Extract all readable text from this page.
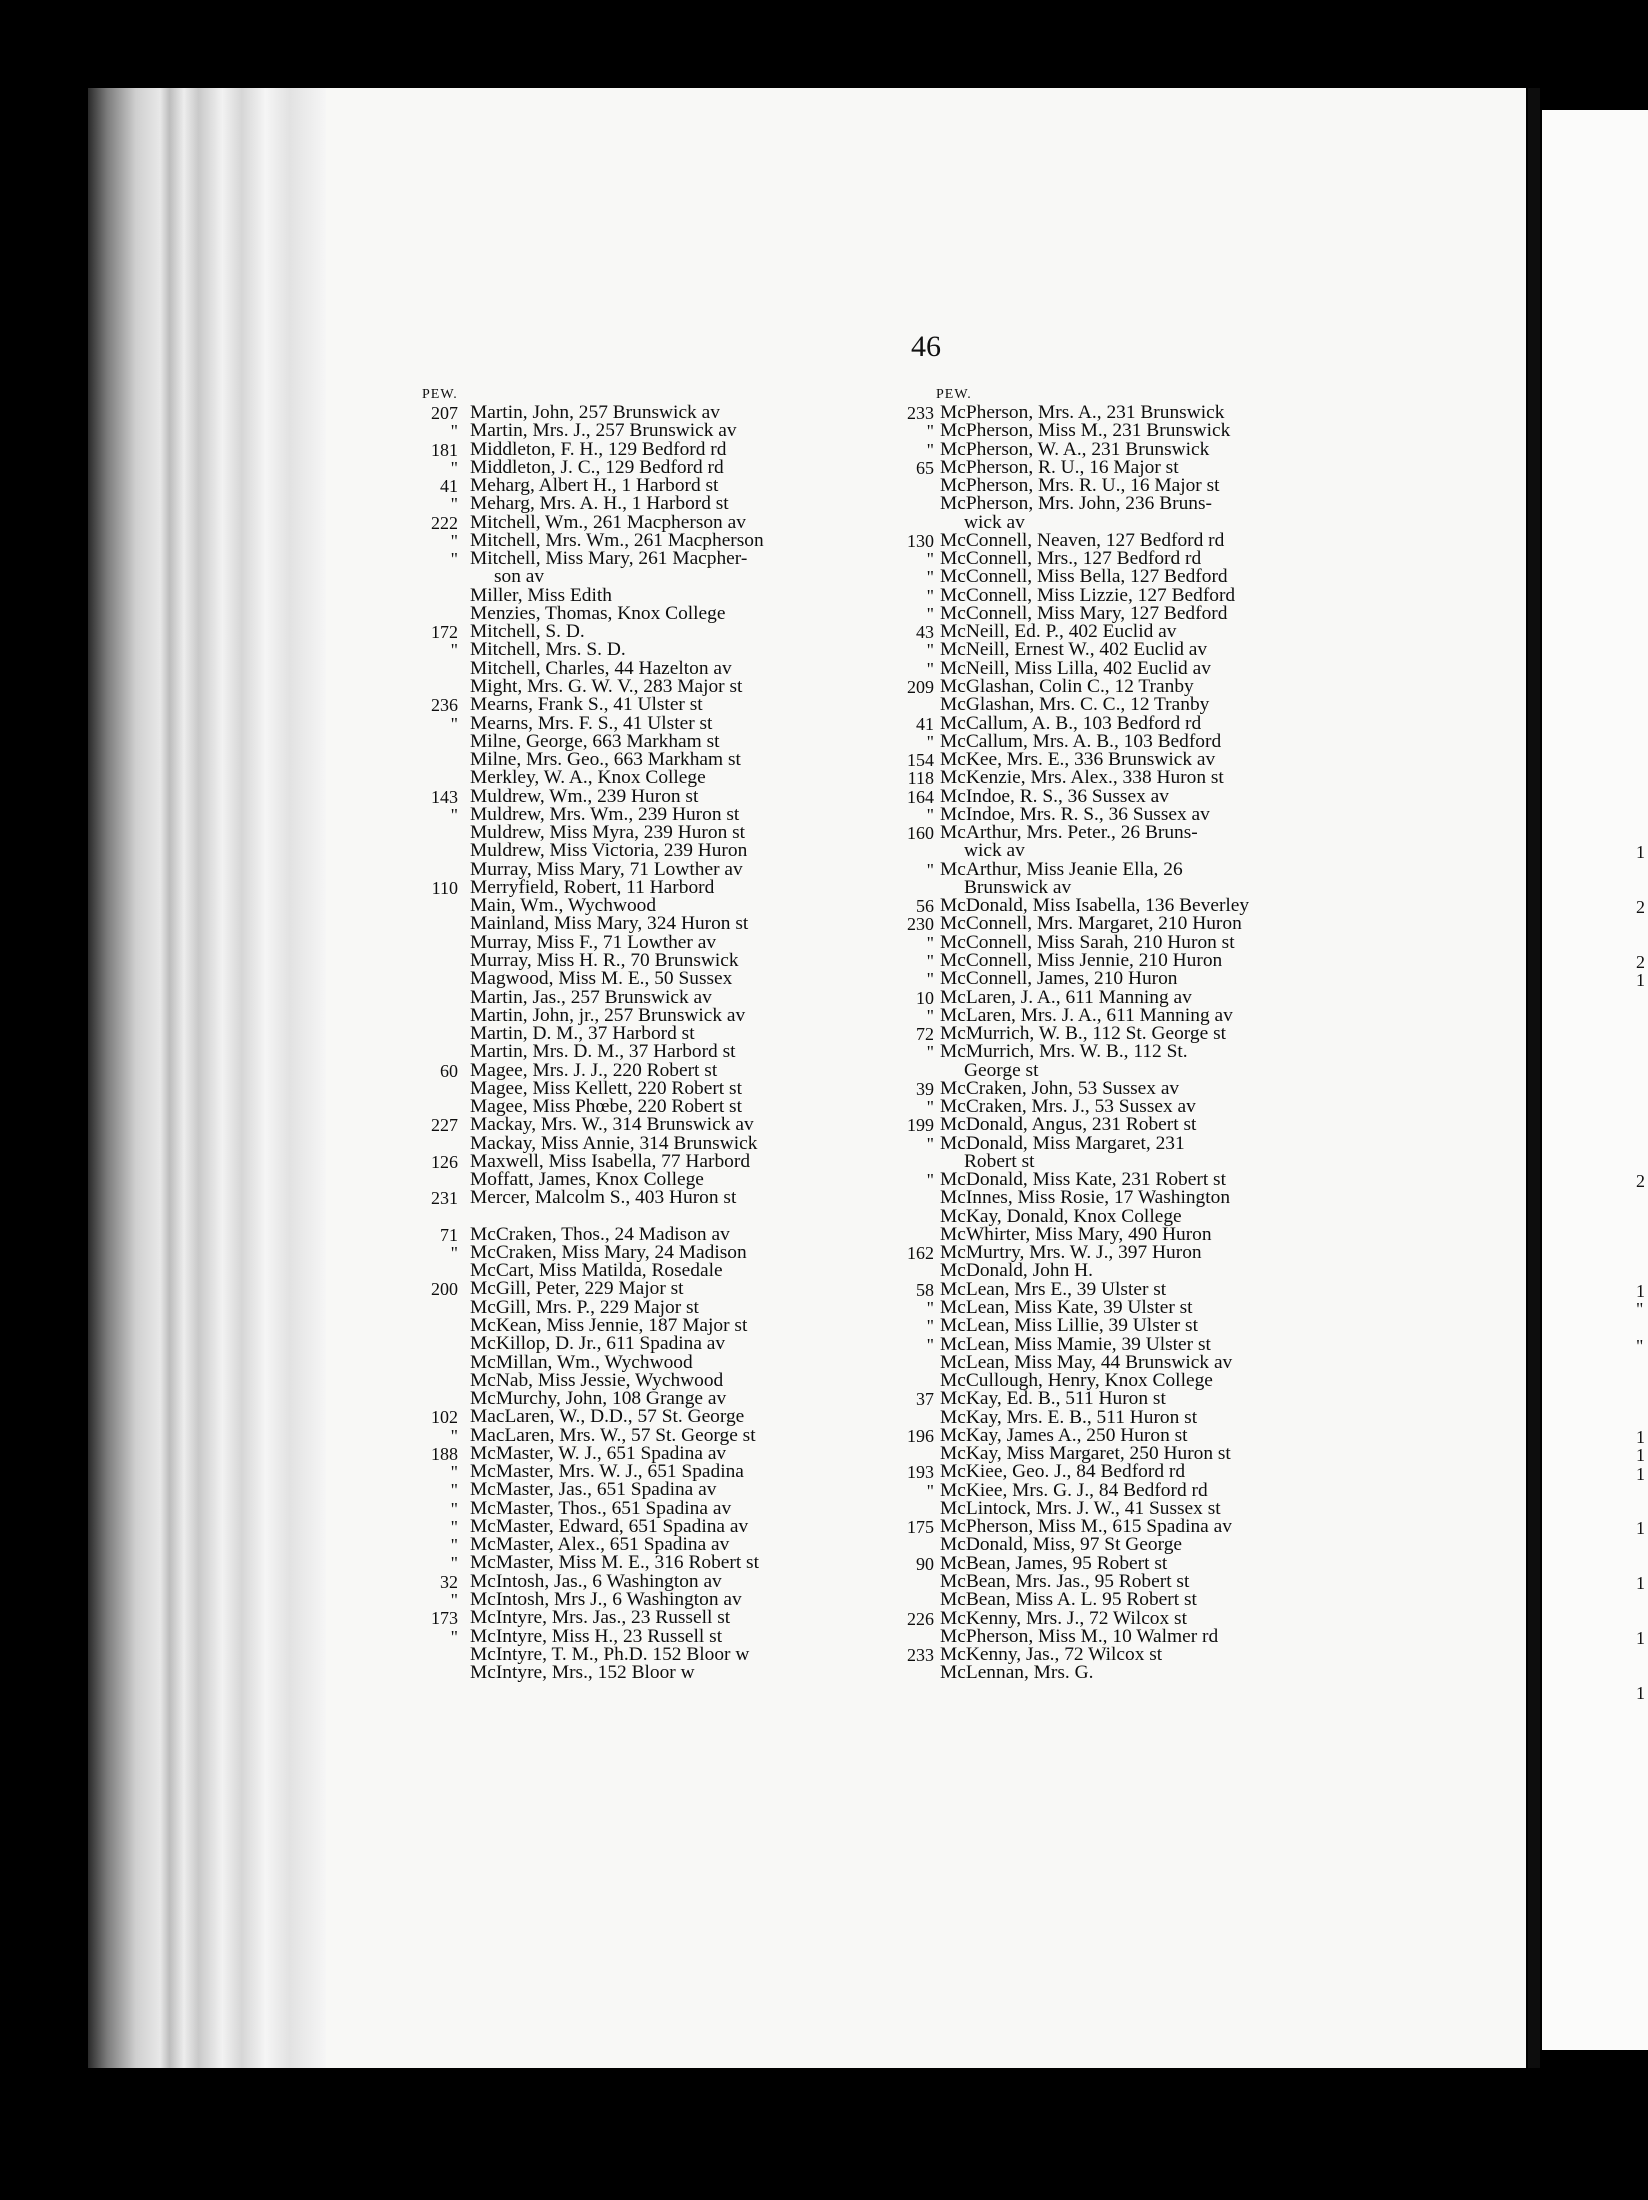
1
2
2
1
2
1
"
"
1
1
1
1
1
1
1
46
PEW.
207 Martin, John, 257 Brunswick av
" Martin, Mrs. J., 257 Brunswick av
181 Middleton, F. H., 129 Bedford rd
" Middleton, J. C., 129 Bedford rd
41 Meharg, Albert H., 1 Harbord st
" Meharg, Mrs. A. H., 1 Harbord st
222 Mitchell, Wm., 261 Macpherson av
" Mitchell, Mrs. Wm., 261 Macpherson
" Mitchell, Miss Mary, 261 Macpher-
son av
Miller, Miss Edith
Menzies, Thomas, Knox College
172 Mitchell, S. D.
" Mitchell, Mrs. S. D.
Mitchell, Charles, 44 Hazelton av
Might, Mrs. G. W. V., 283 Major st
236 Mearns, Frank S., 41 Ulster st
" Mearns, Mrs. F. S., 41 Ulster st
Milne, George, 663 Markham st
Milne, Mrs. Geo., 663 Markham st
Merkley, W. A., Knox College
143 Muldrew, Wm., 239 Huron st
" Muldrew, Mrs. Wm., 239 Huron st
Muldrew, Miss Myra, 239 Huron st
Muldrew, Miss Victoria, 239 Huron
Murray, Miss Mary, 71 Lowther av
110 Merryfield, Robert, 11 Harbord
Main, Wm., Wychwood
Mainland, Miss Mary, 324 Huron st
Murray, Miss F., 71 Lowther av
Murray, Miss H. R., 70 Brunswick
Magwood, Miss M. E., 50 Sussex
Martin, Jas., 257 Brunswick av
Martin, John, jr., 257 Brunswick av
Martin, D. M., 37 Harbord st
Martin, Mrs. D. M., 37 Harbord st
60 Magee, Mrs. J. J., 220 Robert st
Magee, Miss Kellett, 220 Robert st
Magee, Miss Phœbe, 220 Robert st
227 Mackay, Mrs. W., 314 Brunswick av
Mackay, Miss Annie, 314 Brunswick
126 Maxwell, Miss Isabella, 77 Harbord
Moffatt, James, Knox College
231 Mercer, Malcolm S., 403 Huron st
71 McCraken, Thos., 24 Madison av
" McCraken, Miss Mary, 24 Madison
McCart, Miss Matilda, Rosedale
200 McGill, Peter, 229 Major st
McGill, Mrs. P., 229 Major st
McKean, Miss Jennie, 187 Major st
McKillop, D. Jr., 611 Spadina av
McMillan, Wm., Wychwood
McNab, Miss Jessie, Wychwood
McMurchy, John, 108 Grange av
102 MacLaren, W., D.D., 57 St. George
" MacLaren, Mrs. W., 57 St. George st
188 McMaster, W. J., 651 Spadina av
" McMaster, Mrs. W. J., 651 Spadina
" McMaster, Jas., 651 Spadina av
" McMaster, Thos., 651 Spadina av
" McMaster, Edward, 651 Spadina av
" McMaster, Alex., 651 Spadina av
" McMaster, Miss M. E., 316 Robert st
32 McIntosh, Jas., 6 Washington av
" McIntosh, Mrs J., 6 Washington av
173 McIntyre, Mrs. Jas., 23 Russell st
" McIntyre, Miss H., 23 Russell st
McIntyre, T. M., Ph.D. 152 Bloor w
McIntyre, Mrs., 152 Bloor w
PEW.
233 McPherson, Mrs. A., 231 Brunswick
" McPherson, Miss M., 231 Brunswick
" McPherson, W. A., 231 Brunswick
65 McPherson, R. U., 16 Major st
McPherson, Mrs. R. U., 16 Major st
McPherson, Mrs. John, 236 Bruns-
wick av
130 McConnell, Neaven, 127 Bedford rd
" McConnell, Mrs., 127 Bedford rd
" McConnell, Miss Bella, 127 Bedford
" McConnell, Miss Lizzie, 127 Bedford
" McConnell, Miss Mary, 127 Bedford
43 McNeill, Ed. P., 402 Euclid av
" McNeill, Ernest W., 402 Euclid av
" McNeill, Miss Lilla, 402 Euclid av
209 McGlashan, Colin C., 12 Tranby
McGlashan, Mrs. C. C., 12 Tranby
41 McCallum, A. B., 103 Bedford rd
" McCallum, Mrs. A. B., 103 Bedford
154 McKee, Mrs. E., 336 Brunswick av
118 McKenzie, Mrs. Alex., 338 Huron st
164 McIndoe, R. S., 36 Sussex av
" McIndoe, Mrs. R. S., 36 Sussex av
160 McArthur, Mrs. Peter., 26 Bruns-
wick av
" McArthur, Miss Jeanie Ella, 26
Brunswick av
56 McDonald, Miss Isabella, 136 Beverley
230 McConnell, Mrs. Margaret, 210 Huron
" McConnell, Miss Sarah, 210 Huron st
" McConnell, Miss Jennie, 210 Huron
" McConnell, James, 210 Huron
10 McLaren, J. A., 611 Manning av
" McLaren, Mrs. J. A., 611 Manning av
72 McMurrich, W. B., 112 St. George st
" McMurrich, Mrs. W. B., 112 St.
George st
39 McCraken, John, 53 Sussex av
" McCraken, Mrs. J., 53 Sussex av
199 McDonald, Angus, 231 Robert st
" McDonald, Miss Margaret, 231
Robert st
" McDonald, Miss Kate, 231 Robert st
McInnes, Miss Rosie, 17 Washington
McKay, Donald, Knox College
McWhirter, Miss Mary, 490 Huron
162 McMurtry, Mrs. W. J., 397 Huron
McDonald, John H.
58 McLean, Mrs E., 39 Ulster st
" McLean, Miss Kate, 39 Ulster st
" McLean, Miss Lillie, 39 Ulster st
" McLean, Miss Mamie, 39 Ulster st
McLean, Miss May, 44 Brunswick av
McCullough, Henry, Knox College
37 McKay, Ed. B., 511 Huron st
McKay, Mrs. E. B., 511 Huron st
196 McKay, James A., 250 Huron st
McKay, Miss Margaret, 250 Huron st
193 McKiee, Geo. J., 84 Bedford rd
" McKiee, Mrs. G. J., 84 Bedford rd
McLintock, Mrs. J. W., 41 Sussex st
175 McPherson, Miss M., 615 Spadina av
McDonald, Miss, 97 St George
90 McBean, James, 95 Robert st
McBean, Mrs. Jas., 95 Robert st
McBean, Miss A. L. 95 Robert st
226 McKenny, Mrs. J., 72 Wilcox st
McPherson, Miss M., 10 Walmer rd
233 McKenny, Jas., 72 Wilcox st
McLennan, Mrs. G.
